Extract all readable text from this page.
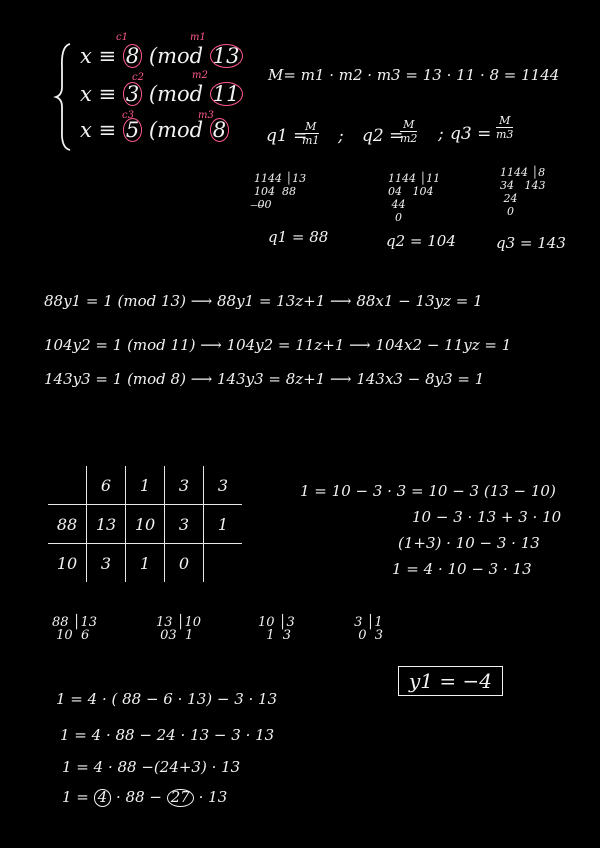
x ≡ 8 (mod 13
c1	m1
x ≡ 3 (mod 11
c2	m2
x ≡ 5 (mod 8
c3	m3
M= m1 · m2 · m3 = 13 · 11 · 8 = 1144
q1 =
$\frac{M}{m1}$ ; q2 =
$\frac{M}{m2}$ ; $q3 = \frac{M}{m3}$
1144 │13
104  88
̶0̶0
q1 = 88
1144 │11
04   104
44
0
q2 = 104
1144 │8
34   143
24
0
q3 = 143
88y1 = 1 (mod 13) ⟶ 88y1 = 13z+1 ⟶ 88x1 − 13yz = 1
104y2 = 1 (mod 11) ⟶ 104y2 = 11z+1 ⟶ 104x2 − 11yz = 1
143y3 = 1 (mod 8) ⟶ 143y3 = 8z+1 ⟶ 143x3 − 8y3 = 1
	6	1	3	3
88	13	10	3	1
10	3	1	0	
1 = 10 − 3 · 3 = 10 − 3 (13 − 10)
10 − 3 · 13 + 3 · 10
(1+3) · 10 − 3 · 13
1 = 4 · 10 − 3 · 13
88 │13
10  6
13 │10
03  1
10 │3
1  3
3 │1
0  3
1 = 4 · ( 88 − 6 · 13) − 3 · 13
1 = 4 · 88 − 24 · 13 − 3 · 13
1 = 4 · 88 −(24+3) · 13
1 = 4 · 88 − 27 · 13
y1 = −4
